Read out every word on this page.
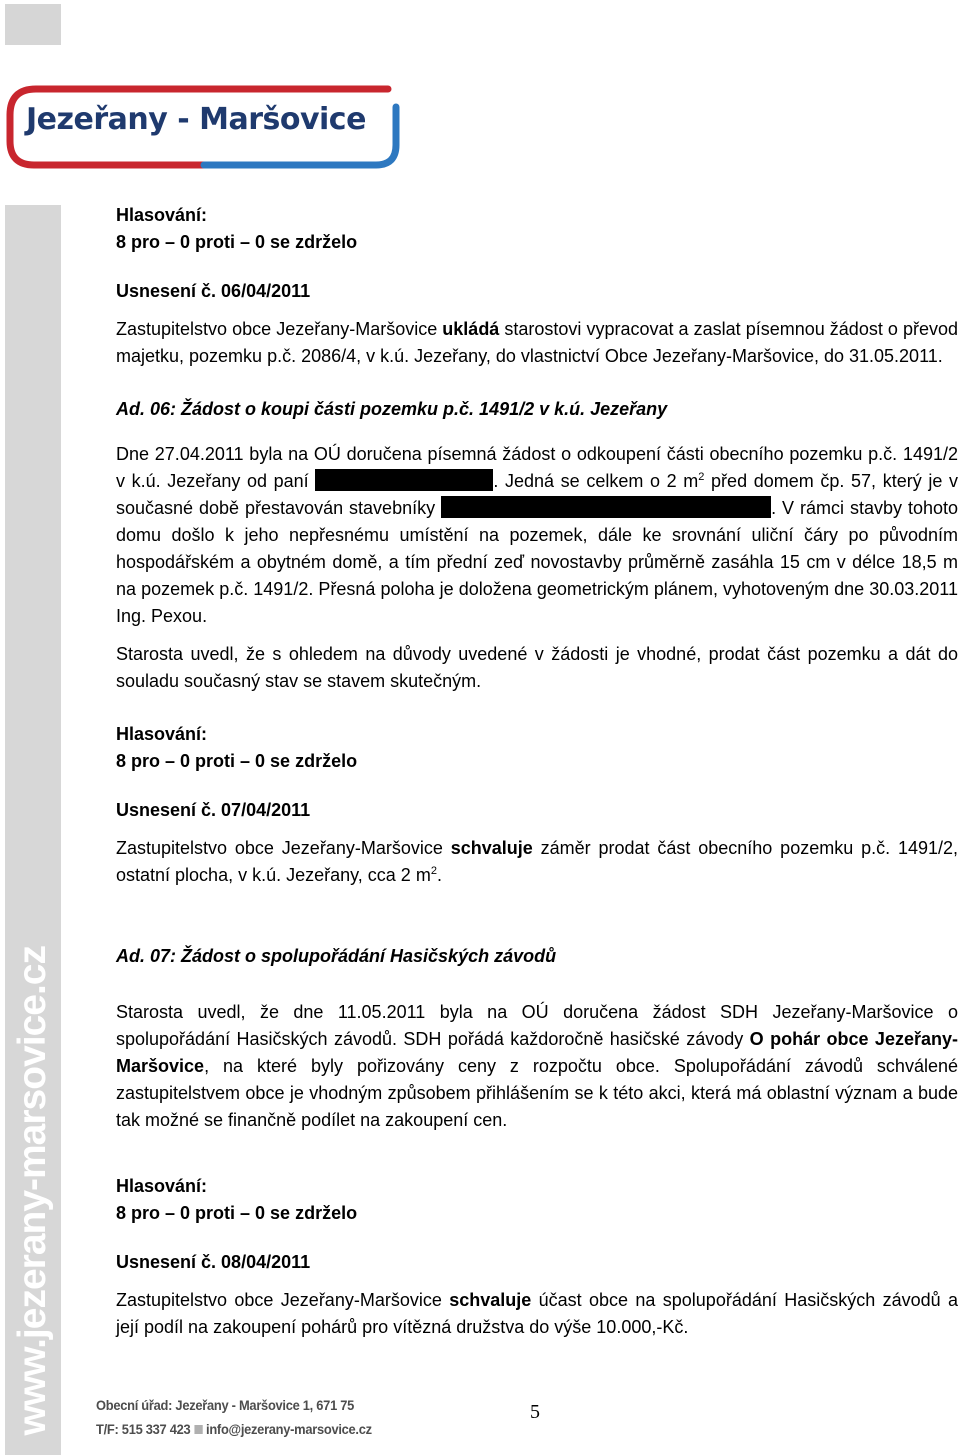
Jezeřany - Maršovice
www.jezerany-marsovice.cz

Hlasování:

8 pro – 0 proti – 0 se zdrželo

Usnesení č. 06/04/2011

Zastupitelstvo obce Jezeřany-Maršovice ukládá starostovi vypracovat a zaslat písemnou žádost o převod majetku, pozemku p.č. 2086/4, v k.ú. Jezeřany, do vlastnictví Obce Jezeřany-Maršovice, do 31.05.2011.

Ad. 06: Žádost o koupi části pozemku p.č. 1491/2 v k.ú. Jezeřany

Dne 27.04.2011 byla na OÚ doručena písemná žádost o odkoupení části obecního pozemku p.č. 1491/2 v k.ú. Jezeřany od paní	. Jedná se celkem o 2 $m^2$ před domem čp. 57, který je v současné době přestavován stavebníky	. V rámci stavby tohoto domu došlo k jeho nepřesnému umístění na pozemek, dále ke srovnání uliční čáry po původním hospodářském a obytném domě, a tím přední zeď novostavby průměrně zasáhla 15 cm v délce 18,5 m na pozemek p.č. 1491/2. Přesná poloha je doložena geometrickým plánem, vyhotoveným dne 30.03.2011 Ing. Pexou.

Starosta uvedl, že s ohledem na důvody uvedené v žádosti je vhodné, prodat část pozemku a dát do souladu současný stav se stavem skutečným.

Hlasování:

8 pro – 0 proti – 0 se zdrželo

Usnesení č. 07/04/2011

Zastupitelstvo obce Jezeřany-Maršovice schvaluje záměr prodat část obecního pozemku p.č. 1491/2, ostatní plocha, v k.ú. Jezeřany, cca 2 $m^2$.

Ad. 07: Žádost o spolupořádání Hasičských závodů

Starosta uvedl, že dne 11.05.2011 byla na OÚ doručena žádost SDH Jezeřany-Maršovice o spolupořádání Hasičských závodů. SDH pořádá každoročně hasičské závody O pohár obce Jezeřany-Maršovice, na které byly pořizovány ceny z rozpočtu obce. Spolupořádání závodů schválené zastupitelstvem obce je vhodným způsobem přihlášením se k této akci, která má oblastní význam a bude tak možné se finančně podílet na zakoupení cen.

Hlasování:

8 pro – 0 proti – 0 se zdrželo

Usnesení č. 08/04/2011

Zastupitelstvo obce Jezeřany-Maršovice schvaluje účast obce na spolupořádání Hasičských závodů a její podíl na zakoupení pohárů pro vítězná družstva do výše 10.000,-Kč.

Obecní úřad: Jezeřany - Maršovice 1, 671 75
T/F: 515 337 423 info@jezerany-marsovice.cz
5
